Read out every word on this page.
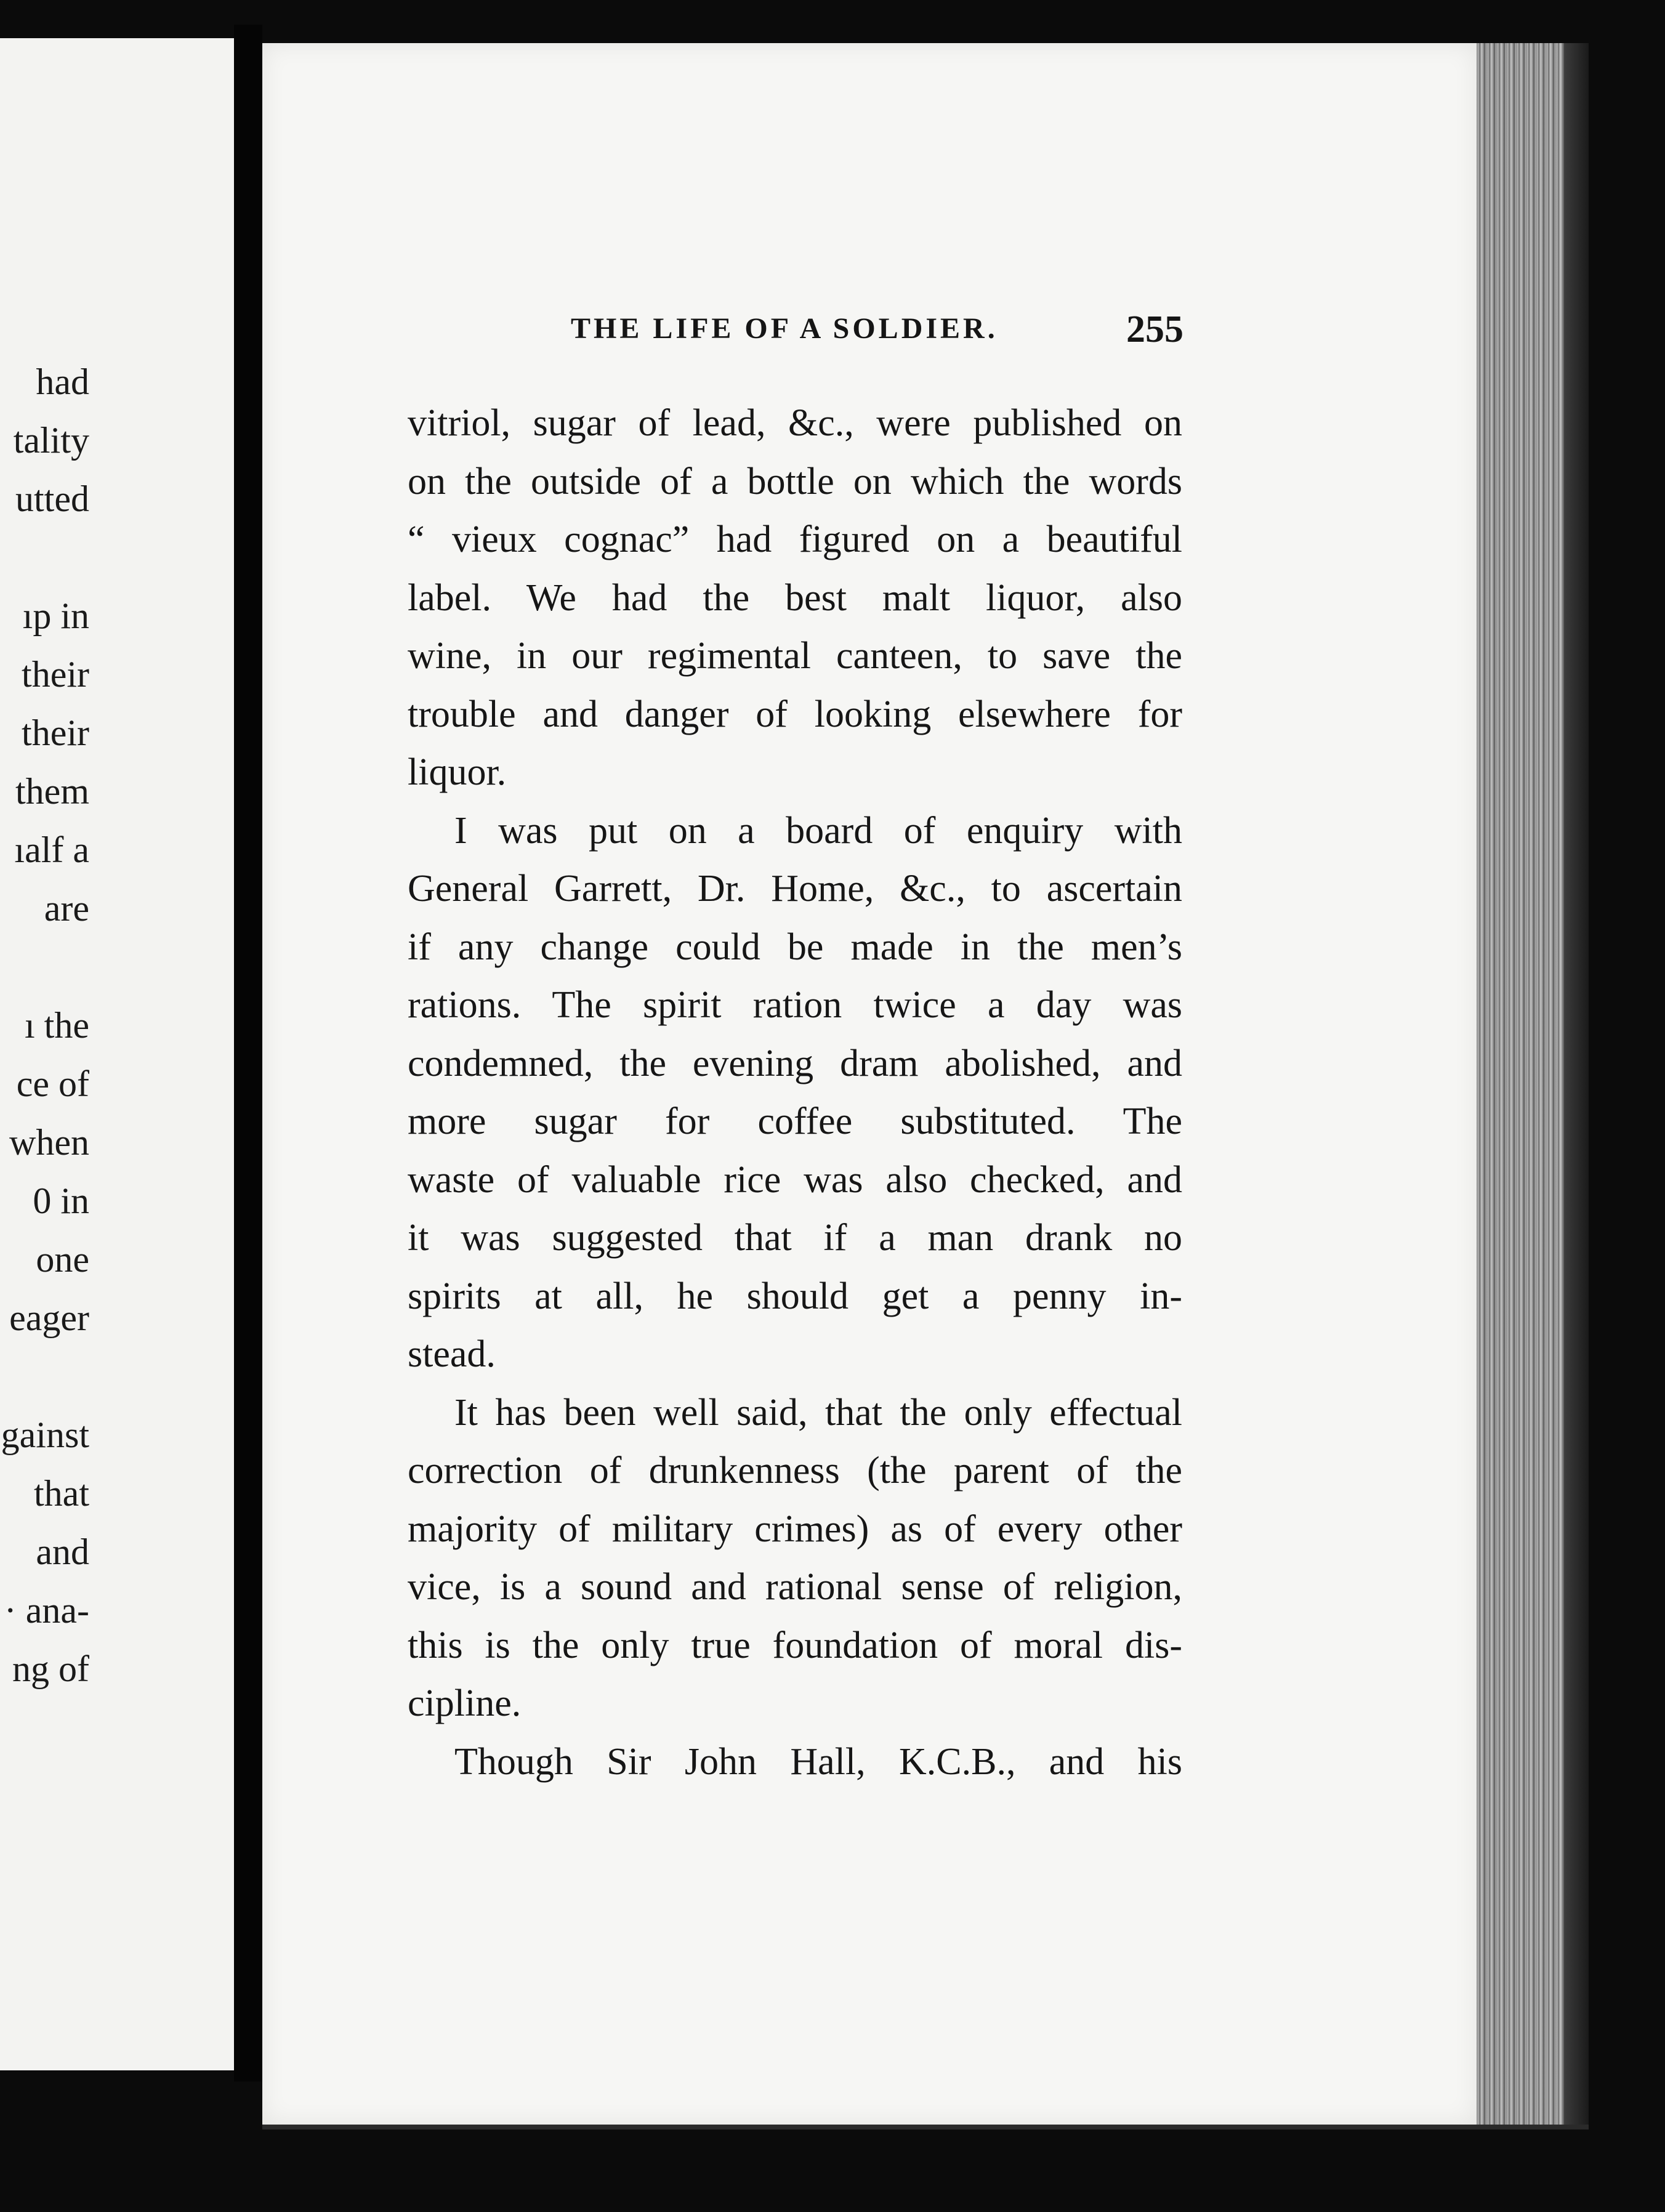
had
tality
utted
ıp in
their
their
them
ıalf a
are
ı the
ce of
when
0 in
one
eager
gainst
that
and
· ana-
ng of
THE LIFE OF A SOLDIER.	255
vitriol, sugar of lead, &c., were published on
on the outside of a bottle on which the words
“ vieux cognac” had figured on a beautiful
label. We had the best malt liquor, also
wine, in our regimental canteen, to save the
trouble and danger of looking elsewhere for
liquor.
I was put on a board of enquiry with
General Garrett, Dr. Home, &c., to ascertain
if any change could be made in the men’s
rations. The spirit ration twice a day was
condemned, the evening dram abolished, and
more sugar for coffee substituted. The
waste of valuable rice was also checked, and
it was suggested that if a man drank no
spirits at all, he should get a penny in-
stead.
It has been well said, that the only effectual
correction of drunkenness (the parent of the
majority of military crimes) as of every other
vice, is a sound and rational sense of religion,
this is the only true foundation of moral dis-
cipline.
Though Sir John Hall, K.C.B., and his
